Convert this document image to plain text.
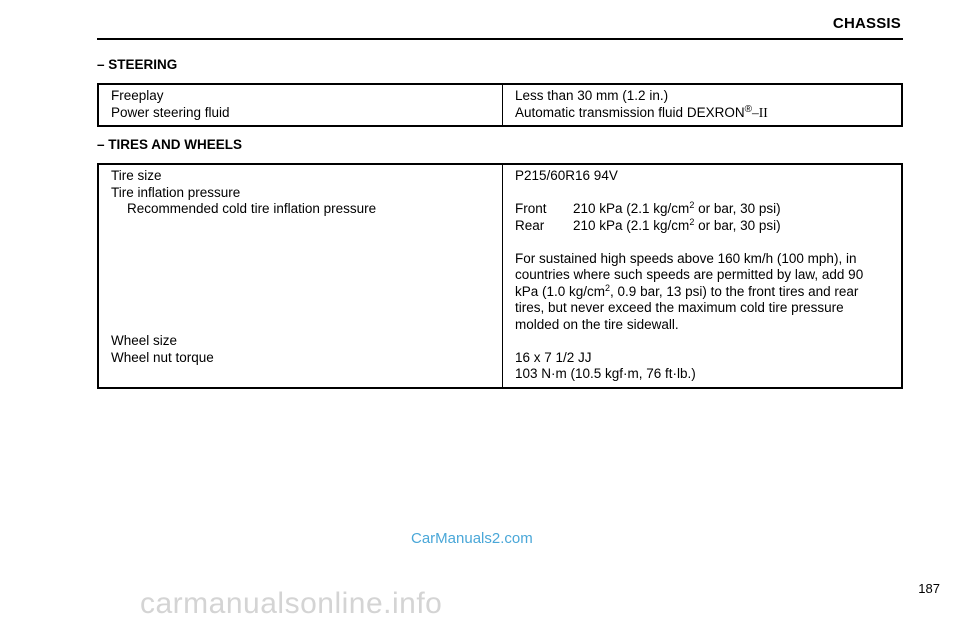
CHASSIS
– STEERING
Freeplay
Power steering fluid
Less than 30 mm (1.2 in.)
Automatic transmission fluid DEXRON®–II
– TIRES AND WHEELS
Tire size
Tire inflation pressure
Recommended cold tire inflation pressure
Wheel size
Wheel nut torque
P215/60R16 94V
Front	210 kPa (2.1 $kg/cm^2$ or bar, 30 psi)
Rear	210 kPa (2.1 $kg/cm^2$ or bar, 30 psi)
For sustained high speeds above 160 km/h (100 mph), in
countries where such speeds are permitted by law, add 90
kPa (1.0 $kg/cm^2$, 0.9 bar, 13 psi) to the front tires and rear
tires, but never exceed the maximum cold tire pressure
molded on the tire sidewall.
16 x 7 1/2 JJ
103 N·m (10.5 kgf·m, 76 ft·lb.)
CarManuals2.com
187
carmanualsonline.info
